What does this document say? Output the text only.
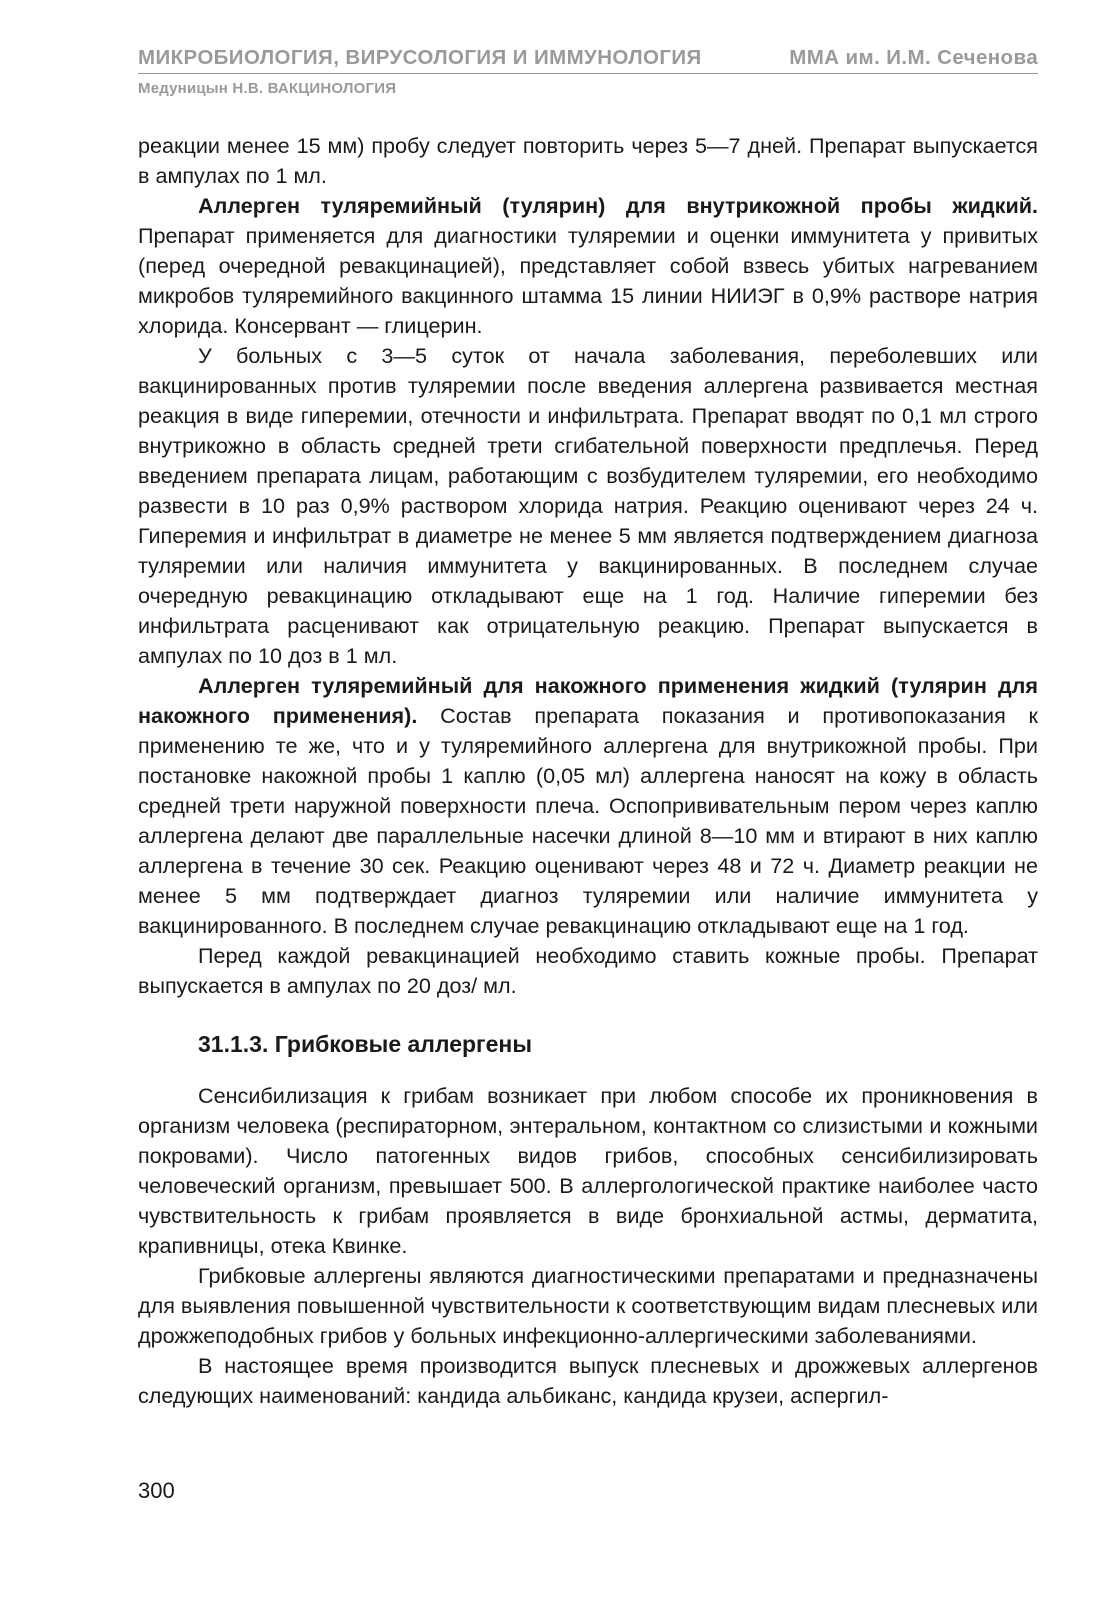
МИКРОБИОЛОГИЯ, ВИРУСОЛОГИЯ И ИММУНОЛОГИЯ	ММА им. И.М. Сеченова
Медуницын Н.В. ВАКЦИНОЛОГИЯ

реакции менее 15 мм) пробу следует повторить через 5—7 дней. Препарат выпускается в ампулах по 1 мл.

Аллерген туляремийный (тулярин) для внутрикожной пробы жидкий. Препарат применяется для диагностики туляремии и оценки иммунитета у привитых (перед очередной ревакцинацией), представляет собой взвесь убитых нагреванием микробов туляремийного вакцинного штамма 15 линии НИИЭГ в 0,9% растворе натрия хлорида. Консервант — глицерин.

У больных с 3—5 суток от начала заболевания, переболевших или вакцинированных против туляремии после введения аллергена развивается местная реакция в виде гиперемии, отечности и инфильтрата. Препарат вводят по 0,1 мл строго внутрикожно в область средней трети сгибательной поверхности предплечья. Перед введением препарата лицам, работающим с возбудителем туляремии, его необходимо развести в 10 раз 0,9% раствором хлорида натрия. Реакцию оценивают через 24 ч. Гиперемия и инфильтрат в диаметре не менее 5 мм является подтверждением диагноза туляремии или наличия иммунитета у вакцинированных. В последнем случае очередную ревакцинацию откладывают еще на 1 год. Наличие гиперемии без инфильтрата расценивают как отрицательную реакцию. Препарат выпускается в ампулах по 10 доз в 1 мл.

Аллерген туляремийный для накожного применения жидкий (тулярин для накожного применения). Состав препарата показания и противопоказания к применению те же, что и у туляремийного аллергена для внутрикожной пробы. При постановке накожной пробы 1 каплю (0,05 мл) аллергена наносят на кожу в область средней трети наружной поверхности плеча. Оспопрививательным пером через каплю аллергена делают две параллельные насечки длиной 8—10 мм и втирают в них каплю аллергена в течение 30 сек. Реакцию оценивают через 48 и 72 ч. Диаметр реакции не менее 5 мм подтверждает диагноз туляремии или наличие иммунитета у вакцинированного. В последнем случае ревакцинацию откладывают еще на 1 год.

Перед каждой ревакцинацией необходимо ставить кожные пробы. Препарат выпускается в ампулах по 20 доз/ мл.

31.1.3. Грибковые аллергены

Сенсибилизация к грибам возникает при любом способе их проникновения в организм человека (респираторном, энтеральном, контактном со слизистыми и кожными покровами). Число патогенных видов грибов, способных сенсибилизировать человеческий организм, превышает 500. В аллергологической практике наиболее часто чувствительность к грибам проявляется в виде бронхиальной астмы, дерматита, крапивницы, отека Квинке.

Грибковые аллергены являются диагностическими препаратами и предназначены для выявления повышенной чувствительности к соответствующим видам плесневых или дрожжеподобных грибов у больных инфекционно-аллергическими заболеваниями.

В настоящее время производится выпуск плесневых и дрожжевых аллергенов следующих наименований: кандида альбиканс, кандида крузеи, аспергил-

300
